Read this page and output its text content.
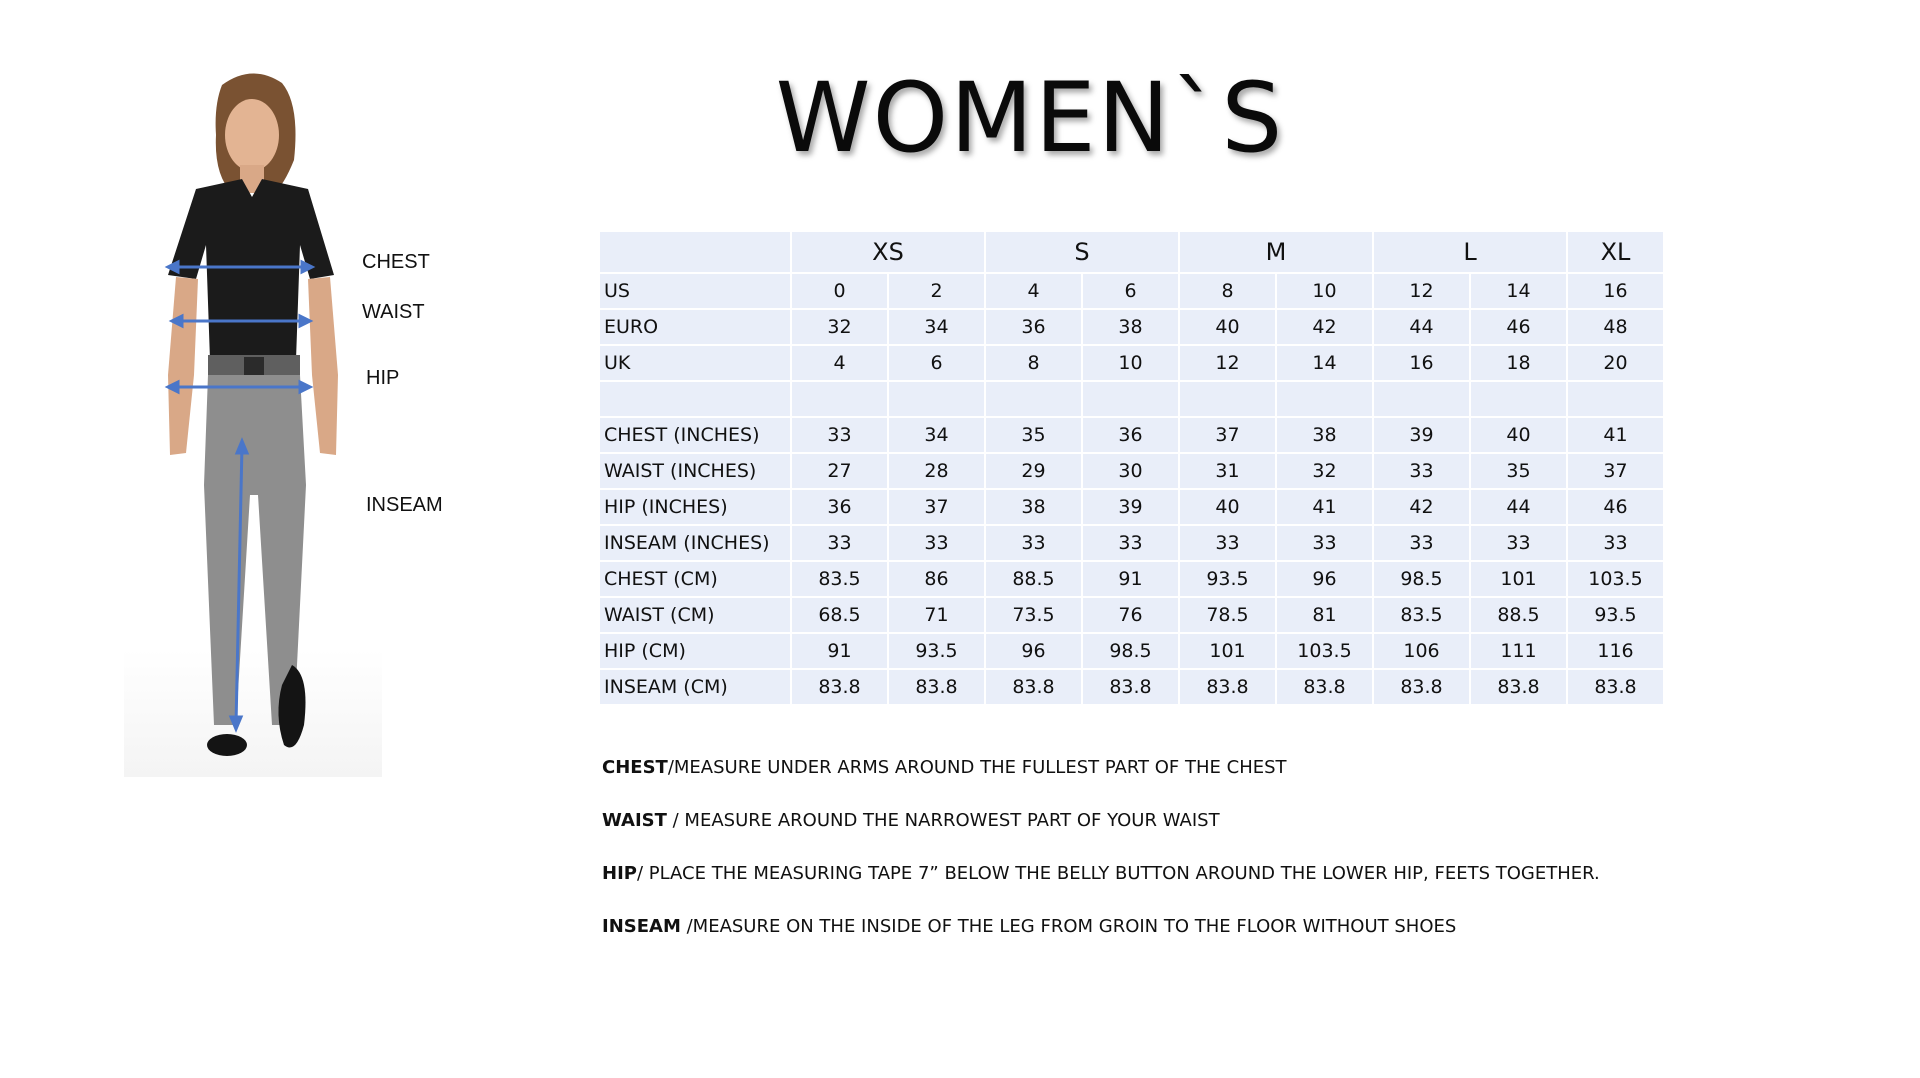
WOMEN`S
CHEST
WAIST
HIP
INSEAM
	XS		S		M		L		XL
US	0	2	4	6	8	10	12	14	16
EURO	32	34	36	38	40	42	44	46	48
UK	4	6	8	10	12	14	16	18	20

CHEST (INCHES)	33	34	35	36	37	38	39	40	41
WAIST (INCHES)	27	28	29	30	31	32	33	35	37
HIP (INCHES)	36	37	38	39	40	41	42	44	46
INSEAM (INCHES)	33	33	33	33	33	33	33	33	33
CHEST (CM)	83.5	86	88.5	91	93.5	96	98.5	101	103.5
WAIST (CM)	68.5	71	73.5	76	78.5	81	83.5	88.5	93.5
HIP (CM)	91	93.5	96	98.5	101	103.5	106	111	116
INSEAM (CM)	83.8	83.8	83.8	83.8	83.8	83.8	83.8	83.8	83.8

CHEST/MEASURE UNDER ARMS AROUND THE FULLEST PART OF THE CHEST

WAIST / MEASURE AROUND THE NARROWEST PART OF YOUR WAIST

HIP/ PLACE THE MEASURING TAPE 7” BELOW THE BELLY BUTTON AROUND THE LOWER HIP, FEETS TOGETHER.

INSEAM /MEASURE ON THE INSIDE OF THE LEG FROM GROIN TO THE FLOOR WITHOUT SHOES
